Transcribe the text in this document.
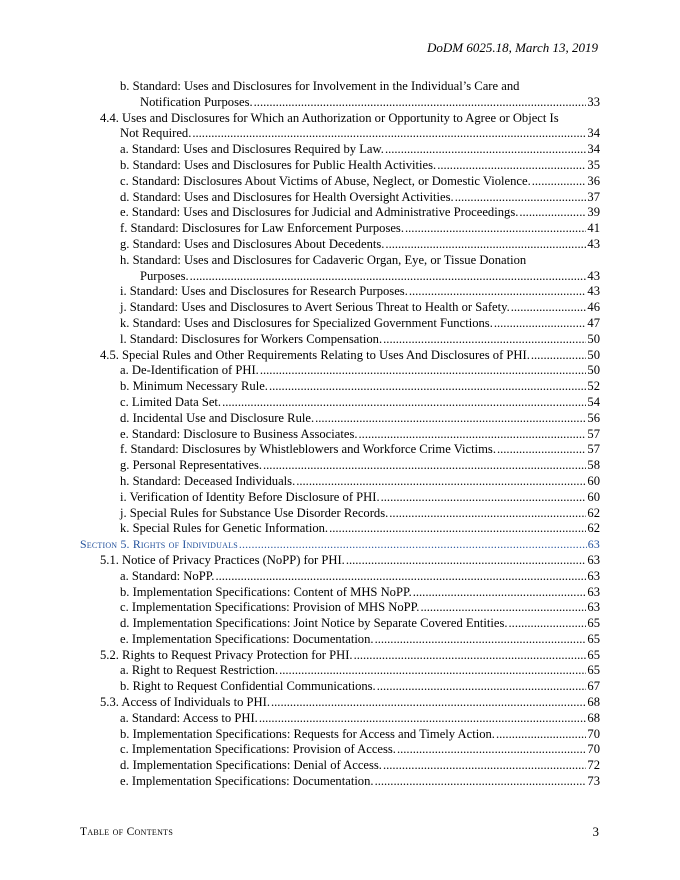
DoDM 6025.18, March 13, 2019
b. Standard: Uses and Disclosures for Involvement in the Individual’s Care and
Notification Purposes. .....	33
4.4. Uses and Disclosures for Which an Authorization or Opportunity to Agree or Object Is
Not Required. .....	34
a. Standard: Uses and Disclosures Required by Law. .....	34
b. Standard: Uses and Disclosures for Public Health Activities. .....	35
c. Standard: Disclosures About Victims of Abuse, Neglect, or Domestic Violence. .....	36
d. Standard: Uses and Disclosures for Health Oversight Activities. .....	37
e. Standard: Uses and Disclosures for Judicial and Administrative Proceedings. .....	39
f. Standard: Disclosures for Law Enforcement Purposes. .....	41
g. Standard: Uses and Disclosures About Decedents. .....	43
h. Standard: Uses and Disclosures for Cadaveric Organ, Eye, or Tissue Donation
Purposes. .....	43
i. Standard: Uses and Disclosures for Research Purposes. .....	43
j. Standard: Uses and Disclosures to Avert Serious Threat to Health or Safety. .....	46
k. Standard: Uses and Disclosures for Specialized Government Functions. .....	47
l. Standard: Disclosures for Workers Compensation. .....	50
4.5. Special Rules and Other Requirements Relating to Uses And Disclosures of PHI. .....	50
a. De-Identification of PHI. .....	50
b. Minimum Necessary Rule. .....	52
c. Limited Data Set. .....	54
d. Incidental Use and Disclosure Rule. .....	56
e. Standard: Disclosure to Business Associates. .....	57
f. Standard: Disclosures by Whistleblowers and Workforce Crime Victims. .....	57
g. Personal Representatives. .....	58
h. Standard: Deceased Individuals. .....	60
i. Verification of Identity Before Disclosure of PHI. .....	60
j. Special Rules for Substance Use Disorder Records. .....	62
k. Special Rules for Genetic Information. .....	62
Section 5. Rights of Individuals .....	63
5.1. Notice of Privacy Practices (NoPP) for PHI. .....	63
a. Standard: NoPP. .....	63
b. Implementation Specifications: Content of MHS NoPP. .....	63
c. Implementation Specifications: Provision of MHS NoPP. .....	63
d. Implementation Specifications: Joint Notice by Separate Covered Entities. .....	65
e. Implementation Specifications: Documentation. .....	65
5.2. Rights to Request Privacy Protection for PHI. .....	65
a. Right to Request Restriction. .....	65
b. Right to Request Confidential Communications. .....	67
5.3. Access of Individuals to PHI. .....	68
a. Standard: Access to PHI. .....	68
b. Implementation Specifications: Requests for Access and Timely Action. .....	70
c. Implementation Specifications: Provision of Access. .....	70
d. Implementation Specifications: Denial of Access. .....	72
e. Implementation Specifications: Documentation. .....	73
Table of Contents	3
